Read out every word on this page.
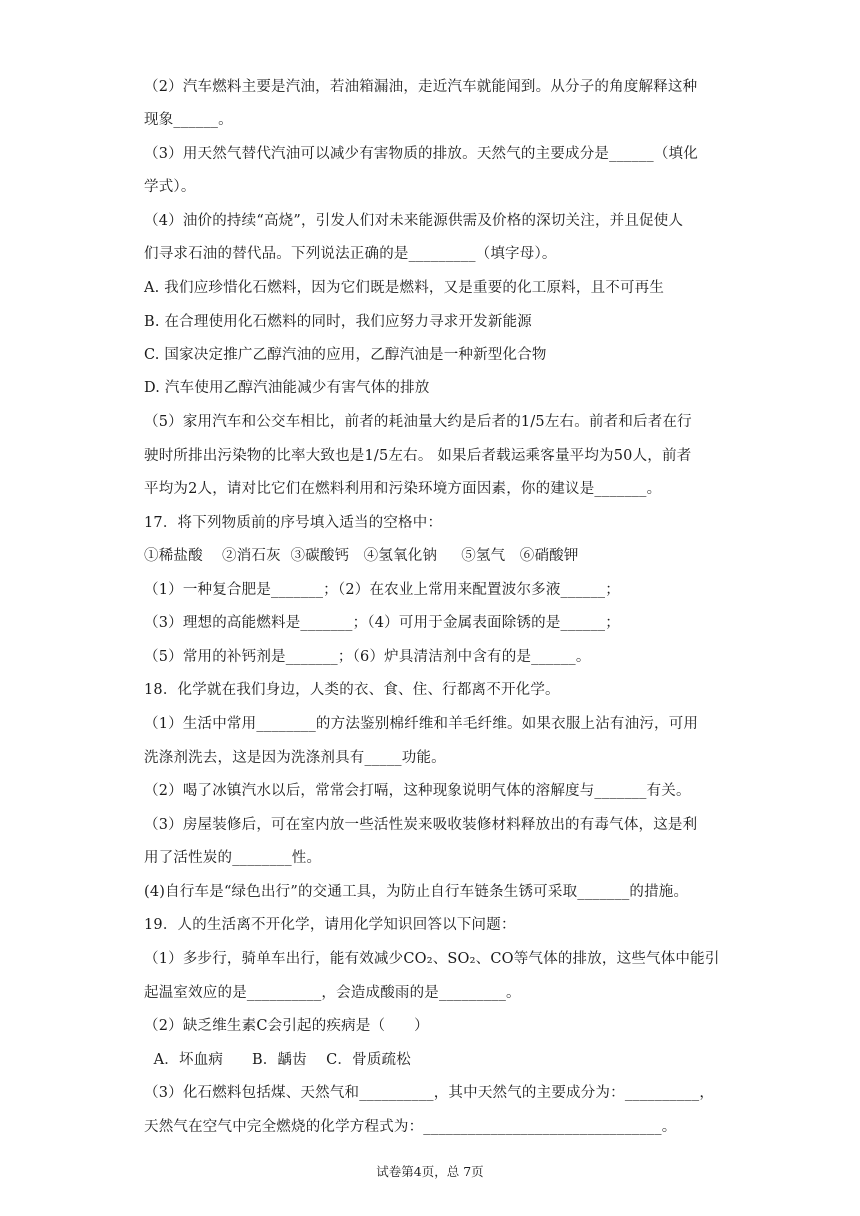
（2）汽车燃料主要是汽油，若油箱漏油，走近汽车就能闻到。从分子的角度解释这种
现象______。
（3）用天然气替代汽油可以减少有害物质的排放。天然气的主要成分是______（填化
学式）。
（4）油价的持续“高烧”，引发人们对未来能源供需及价格的深切关注，并且促使人
们寻求石油的替代品。下列说法正确的是_________（填字母）。
A. 我们应珍惜化石燃料，因为它们既是燃料，又是重要的化工原料，且不可再生
B. 在合理使用化石燃料的同时，我们应努力寻求开发新能源
C. 国家决定推广乙醇汽油的应用，乙醇汽油是一种新型化合物
D. 汽车使用乙醇汽油能减少有害气体的排放
（5）家用汽车和公交车相比，前者的耗油量大约是后者的1/5左右。前者和后者在行
驶时所排出污染物的比率大致也是1/5左右。 如果后者载运乘客量平均为50人，前者
平均为2人，请对比它们在燃料利用和污染环境方面因素，你的建议是_______。
17．将下列物质前的序号填入适当的空格中：
①稀盐酸    ②消石灰  ③碳酸钙   ④氢氧化钠     ⑤氢气   ⑥硝酸钾
（1）一种复合肥是_______；（2）在农业上常用来配置波尔多液______；
（3）理想的高能燃料是_______；（4）可用于金属表面除锈的是______；
（5）常用的补钙剂是_______；（6）炉具清洁剂中含有的是______。
18．化学就在我们身边，人类的衣、食、住、行都离不开化学。
（1）生活中常用________的方法鉴别棉纤维和羊毛纤维。如果衣服上沾有油污，可用
洗涤剂洗去，这是因为洗涤剂具有_____功能。
（2）喝了冰镇汽水以后，常常会打嗝，这种现象说明气体的溶解度与_______有关。
（3）房屋装修后，可在室内放一些活性炭来吸收装修材料释放出的有毒气体，这是利
用了活性炭的________性。
(4)自行车是“绿色出行”的交通工具，为防止自行车链条生锈可采取_______的措施。
19．人的生活离不开化学，请用化学知识回答以下问题：
（1）多步行，骑单车出行，能有效减少CO₂、SO₂、CO等气体的排放，这些气体中能引
起温室效应的是__________，会造成酸雨的是_________。
（2）缺乏维生素C会引起的疾病是（      ）
A．坏血病      B．龋齿    C．骨质疏松
（3）化石燃料包括煤、天然气和__________，其中天然气的主要成分为：__________，
天然气在空气中完全燃烧的化学方程式为：________________________________。
试卷第4页，总 7页
